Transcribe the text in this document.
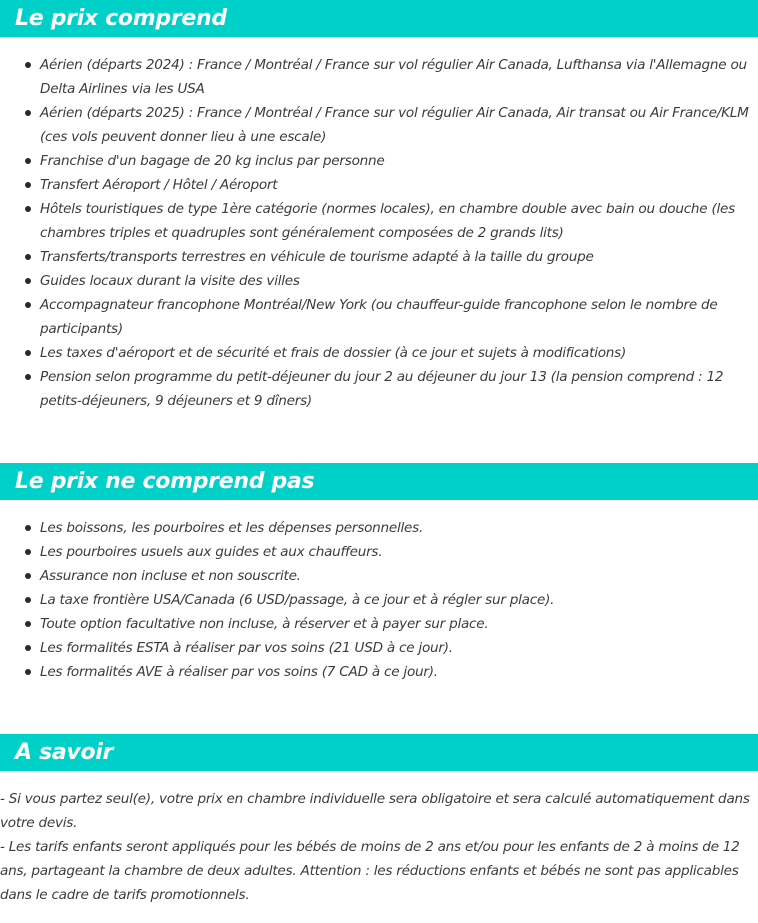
Le prix comprend
Aérien (départs 2024) : France / Montréal / France sur vol régulier Air Canada, Lufthansa via l'Allemagne ou Delta Airlines via les USA
Aérien (départs 2025) : France / Montréal / France sur vol régulier Air Canada, Air transat ou Air France/KLM (ces vols peuvent donner lieu à une escale)
Franchise d'un bagage de 20 kg inclus par personne
Transfert Aéroport / Hôtel / Aéroport
Hôtels touristiques de type 1ère catégorie (normes locales), en chambre double avec bain ou douche (les chambres triples et quadruples sont généralement composées de 2 grands lits)
Transferts/transports terrestres en véhicule de tourisme adapté à la taille du groupe
Guides locaux durant la visite des villes
Accompagnateur francophone Montréal/New York (ou chauffeur-guide francophone selon le nombre de participants)
Les taxes d'aéroport et de sécurité et frais de dossier (à ce jour et sujets à modifications)
Pension selon programme du petit-déjeuner du jour 2 au déjeuner du jour 13 (la pension comprend : 12 petits-déjeuners, 9 déjeuners et 9 dîners)
Le prix ne comprend pas
Les boissons, les pourboires et les dépenses personnelles.
Les pourboires usuels aux guides et aux chauffeurs.
Assurance non incluse et non souscrite.
La taxe frontière USA/Canada (6 USD/passage, à ce jour et à régler sur place).
Toute option facultative non incluse, à réserver et à payer sur place.
Les formalités ESTA à réaliser par vos soins (21 USD à ce jour).
Les formalités AVE à réaliser par vos soins (7 CAD à ce jour).
A savoir

- Si vous partez seul(e), votre prix en chambre individuelle sera obligatoire et sera calculé automatiquement dans votre devis.

- Les tarifs enfants seront appliqués pour les bébés de moins de 2 ans et/ou pour les enfants de 2 à moins de 12 ans, partageant la chambre de deux adultes. Attention : les réductions enfants et bébés ne sont pas applicables dans le cadre de tarifs promotionnels.
